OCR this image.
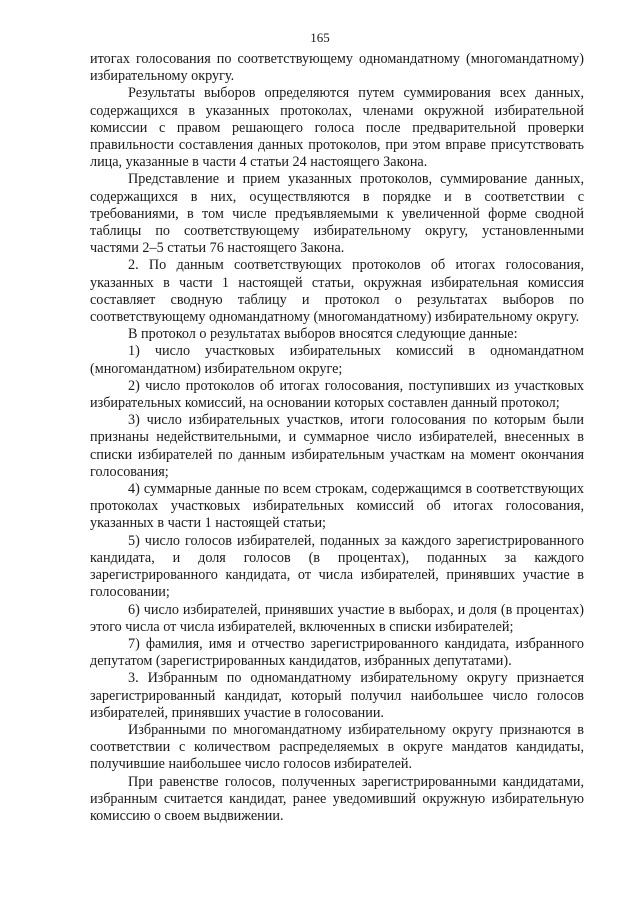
165

итогах голосования по соответствующему одномандатному (многомандатному) избирательному округу.

Результаты выборов определяются путем суммирования всех данных, содержащихся в указанных протоколах, членами окружной избирательной комиссии с правом решающего голоса после предварительной проверки правильности составления данных протоколов, при этом вправе присутствовать лица, указанные в части 4 статьи 24 настоящего Закона.

Представление и прием указанных протоколов, суммирование данных, содержащихся в них, осуществляются в порядке и в соответствии с требованиями, в том числе предъявляемыми к увеличенной форме сводной таблицы по соответствующему избирательному округу, установленными частями 2–5 статьи 76 настоящего Закона.

2. По данным соответствующих протоколов об итогах голосования, указанных в части 1 настоящей статьи, окружная избирательная комиссия составляет сводную таблицу и протокол о результатах выборов по соответствующему одномандатному (многомандатному) избирательному округу.

В протокол о результатах выборов вносятся следующие данные:

1) число участковых избирательных комиссий в одномандатном (многомандатном) избирательном округе;

2) число протоколов об итогах голосования, поступивших из участковых избирательных комиссий, на основании которых составлен данный протокол;

3) число избирательных участков, итоги голосования по которым были признаны недействительными, и суммарное число избирателей, внесенных в списки избирателей по данным избирательным участкам на момент окончания голосования;

4) суммарные данные по всем строкам, содержащимся в соответствующих протоколах участковых избирательных комиссий об итогах голосования, указанных в части 1 настоящей статьи;

5) число голосов избирателей, поданных за каждого зарегистрированного кандидата, и доля голосов (в процентах), поданных за каждого зарегистрированного кандидата, от числа избирателей, принявших участие в голосовании;

6) число избирателей, принявших участие в выборах, и доля (в процентах) этого числа от числа избирателей, включенных в списки избирателей;

7) фамилия, имя и отчество зарегистрированного кандидата, избранного депутатом (зарегистрированных кандидатов, избранных депутатами).

3. Избранным по одномандатному избирательному округу признается зарегистрированный кандидат, который получил наибольшее число голосов избирателей, принявших участие в голосовании.

Избранными по многомандатному избирательному округу признаются в соответствии с количеством распределяемых в округе мандатов кандидаты, получившие наибольшее число голосов избирателей.

При равенстве голосов, полученных зарегистрированными кандидатами, избранным считается кандидат, ранее уведомивший окружную избирательную комиссию о своем выдвижении.
